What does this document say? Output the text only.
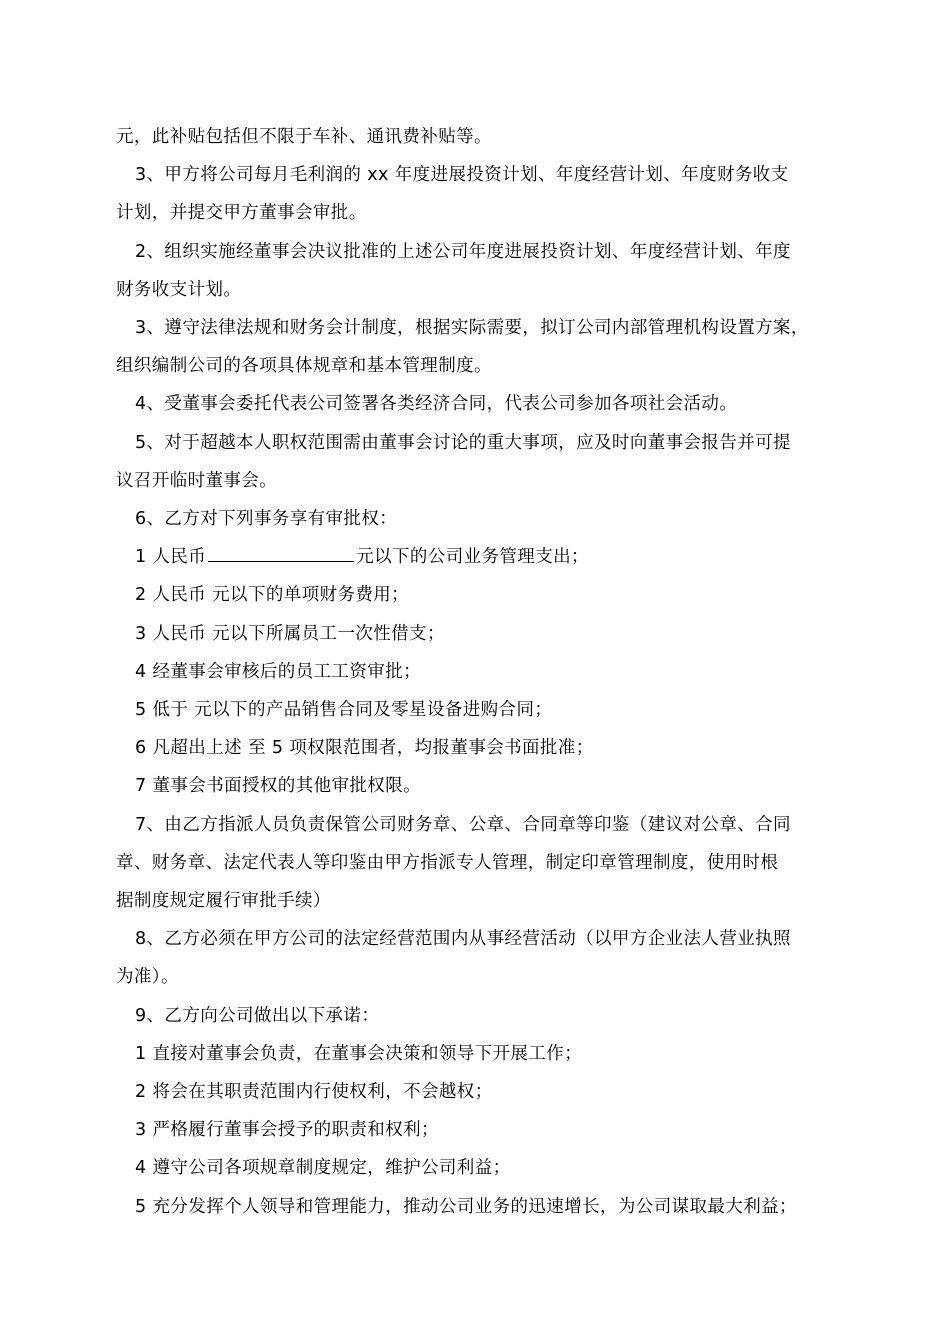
元，此补贴包括但不限于车补、通讯费补贴等。

3、甲方将公司每月毛利润的 xx 年度进展投资计划、年度经营计划、年度财务收支

计划，并提交甲方董事会审批。

2、组织实施经董事会决议批准的上述公司年度进展投资计划、年度经营计划、年度

财务收支计划。

3、遵守法律法规和财务会计制度，根据实际需要，拟订公司内部管理机构设置方案，

组织编制公司的各项具体规章和基本管理制度。

4、受董事会委托代表公司签署各类经济合同，代表公司参加各项社会活动。

5、对于超越本人职权范围需由董事会讨论的重大事项，应及时向董事会报告并可提

议召开临时董事会。

6、乙方对下列事务享有审批权：

1 人民币	元以下的公司业务管理支出；

2 人民币 元以下的单项财务费用；

3 人民币 元以下所属员工一次性借支；

4 经董事会审核后的员工工资审批；

5 低于 元以下的产品销售合同及零星设备进购合同；

6 凡超出上述 至 5 项权限范围者，均报董事会书面批准；

7 董事会书面授权的其他审批权限。

7、由乙方指派人员负责保管公司财务章、公章、合同章等印鉴（建议对公章、合同

章、财务章、法定代表人等印鉴由甲方指派专人管理，制定印章管理制度，使用时根

据制度规定履行审批手续）

8、乙方必须在甲方公司的法定经营范围内从事经营活动（以甲方企业法人营业执照

为准）。

9、乙方向公司做出以下承诺：

1 直接对董事会负责，在董事会决策和领导下开展工作；

2 将会在其职责范围内行使权利，不会越权；

3 严格履行董事会授予的职责和权利；

4 遵守公司各项规章制度规定，维护公司利益；

5 充分发挥个人领导和管理能力，推动公司业务的迅速增长，为公司谋取最大利益；
